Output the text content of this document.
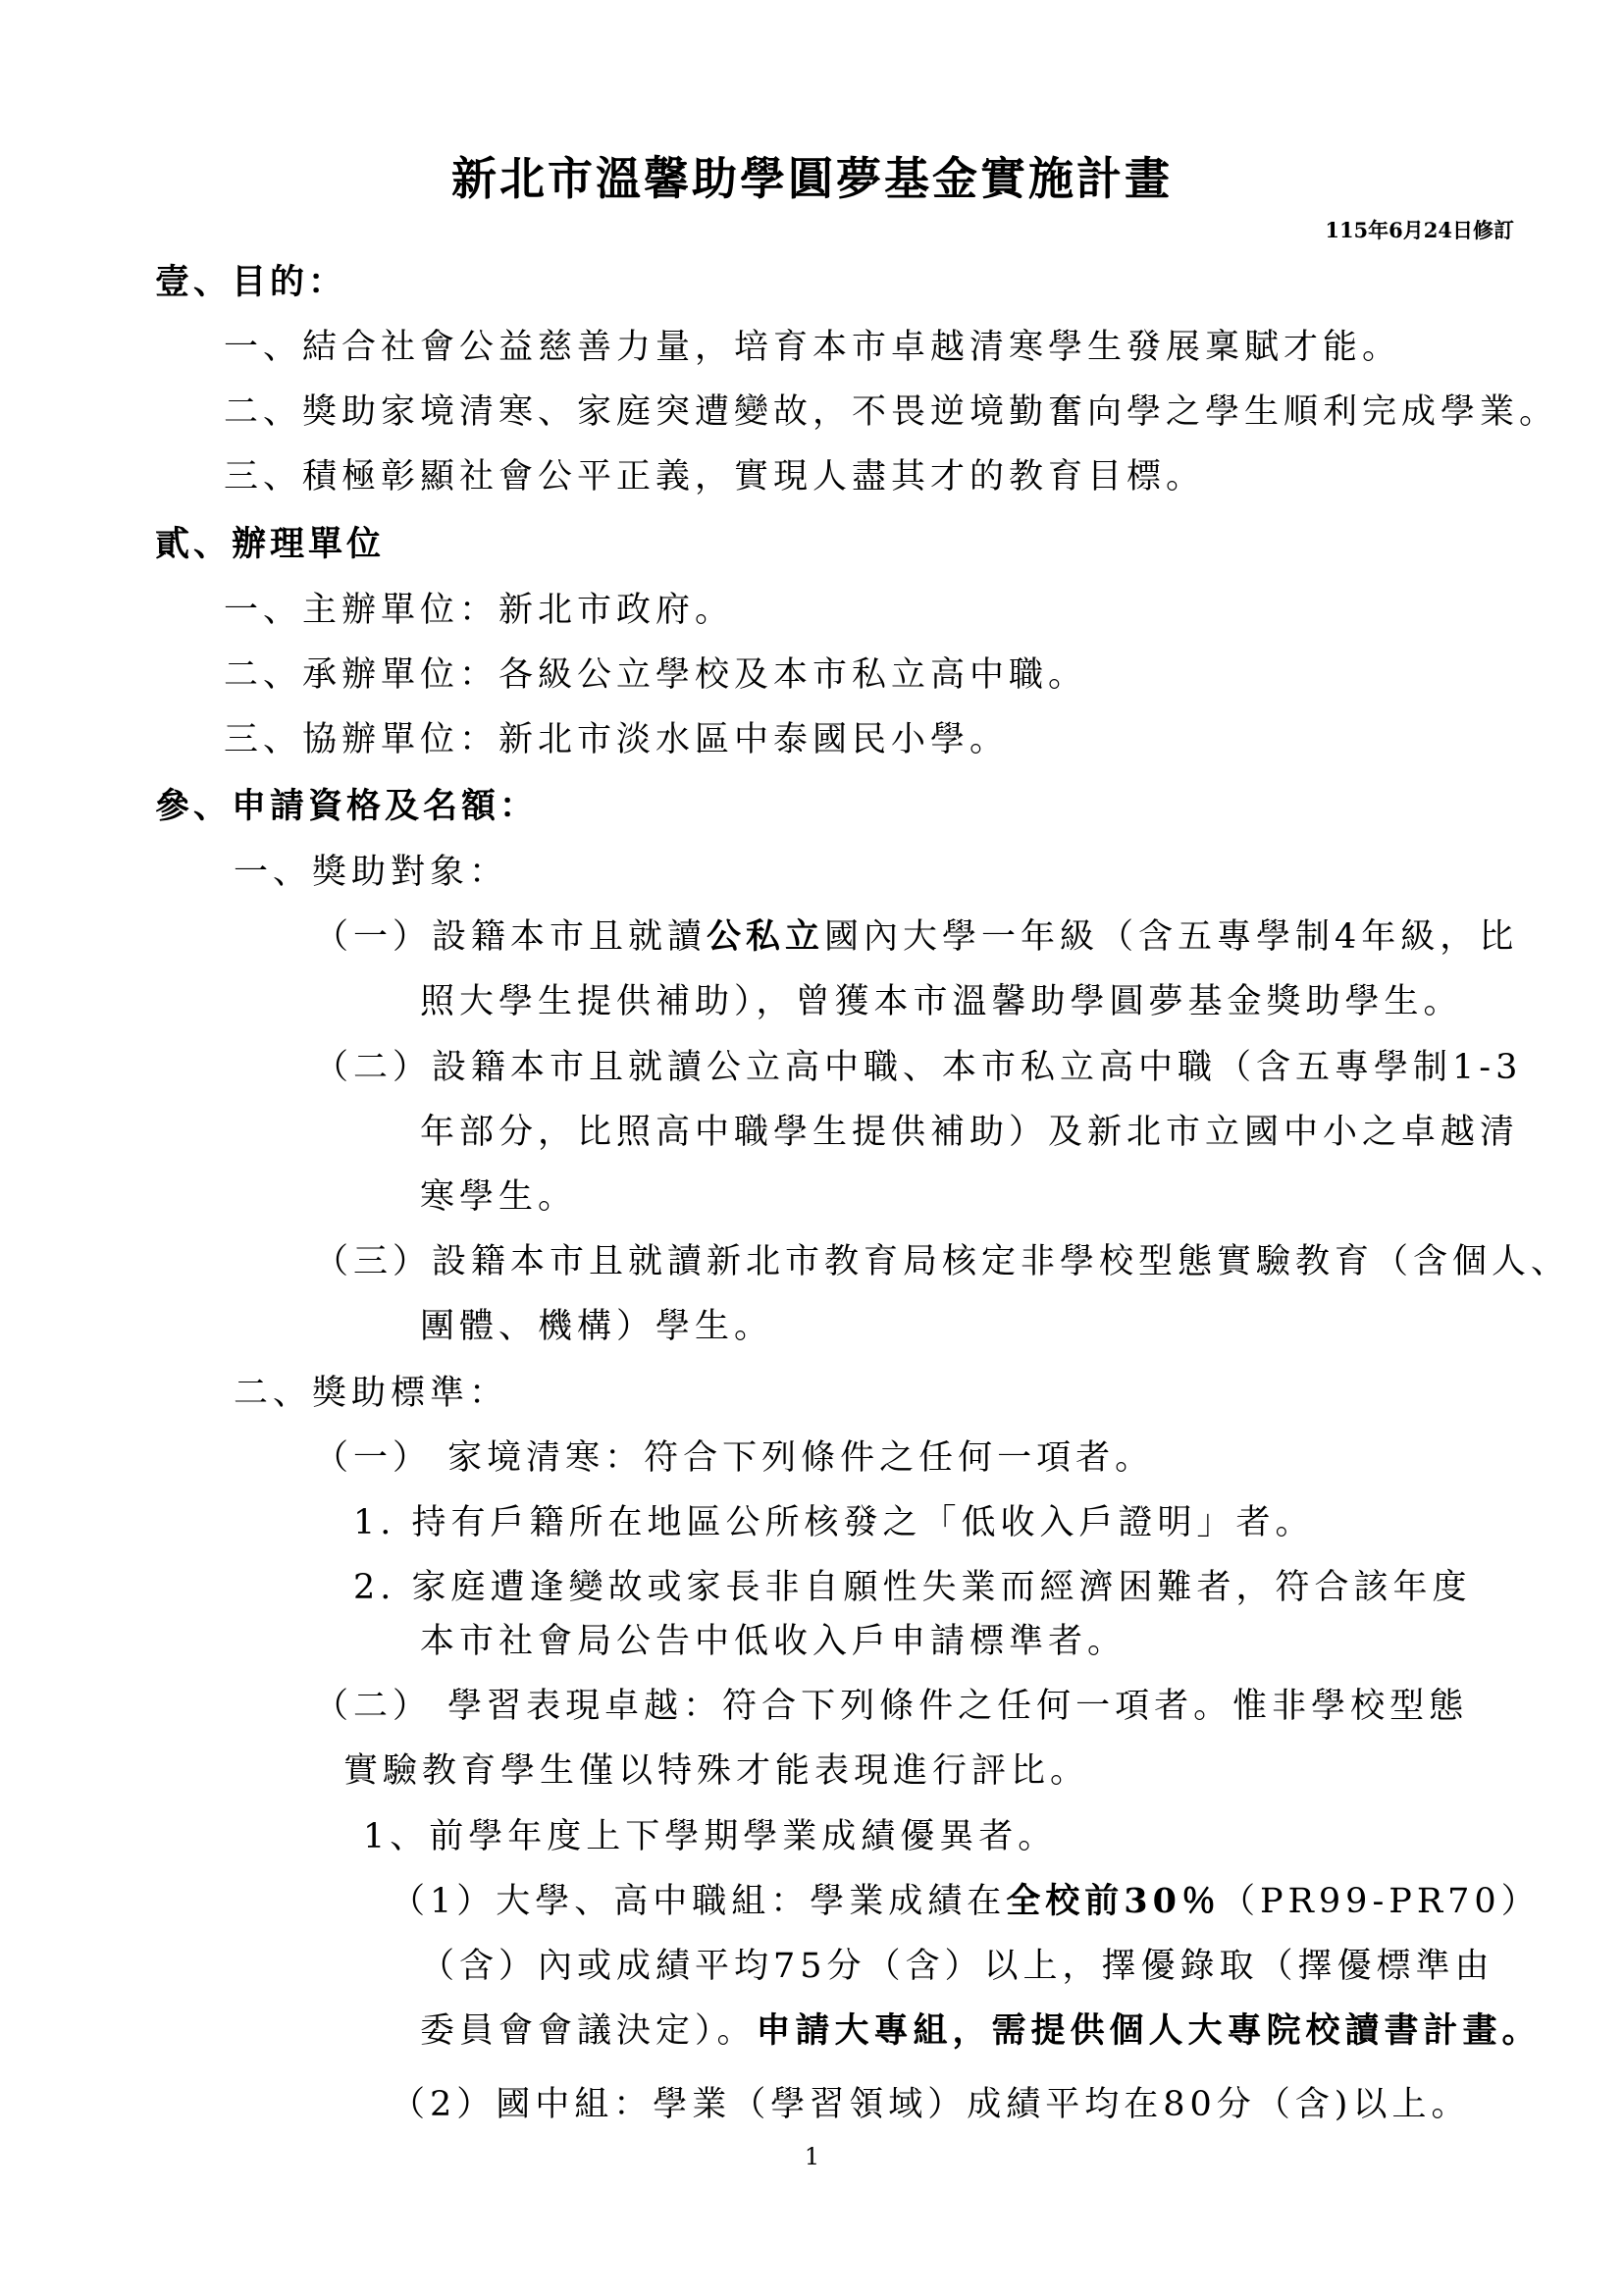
新北市溫馨助學圓夢基金實施計畫
115年6月24日修訂
壹、目的：
一、結合社會公益慈善力量，培育本市卓越清寒學生發展稟賦才能。
二、獎助家境清寒、家庭突遭變故，不畏逆境勤奮向學之學生順利完成學業。
三、積極彰顯社會公平正義，實現人盡其才的教育目標。
貳、辦理單位
一、主辦單位：新北市政府。
二、承辦單位：各級公立學校及本市私立高中職。
三、協辦單位：新北市淡水區中泰國民小學。
參、申請資格及名額：
一、獎助對象：
（一）設籍本市且就讀公私立國內大學一年級（含五專學制4年級，比
照大學生提供補助），曾獲本市溫馨助學圓夢基金獎助學生。
（二）設籍本市且就讀公立高中職、本市私立高中職（含五專學制1-3
年部分，比照高中職學生提供補助）及新北市立國中小之卓越清
寒學生。
（三）設籍本市且就讀新北市教育局核定非學校型態實驗教育（含個人、
團體、機構）學生。
二、獎助標準：
（一） 家境清寒：符合下列條件之任何一項者。
1. 持有戶籍所在地區公所核發之「低收入戶證明」者。
2. 家庭遭逢變故或家長非自願性失業而經濟困難者，符合該年度
本市社會局公告中低收入戶申請標準者。
（二） 學習表現卓越：符合下列條件之任何一項者。惟非學校型態
實驗教育學生僅以特殊才能表現進行評比。
1、前學年度上下學期學業成績優異者。
（1）大學、高中職組：學業成績在全校前30％（PR99-PR70）
（含）內或成績平均75分（含）以上，擇優錄取（擇優標準由
委員會會議決定）。申請大專組，需提供個人大專院校讀書計畫。
（2）國中組：學業（學習領域）成績平均在80分（含)以上。
1
